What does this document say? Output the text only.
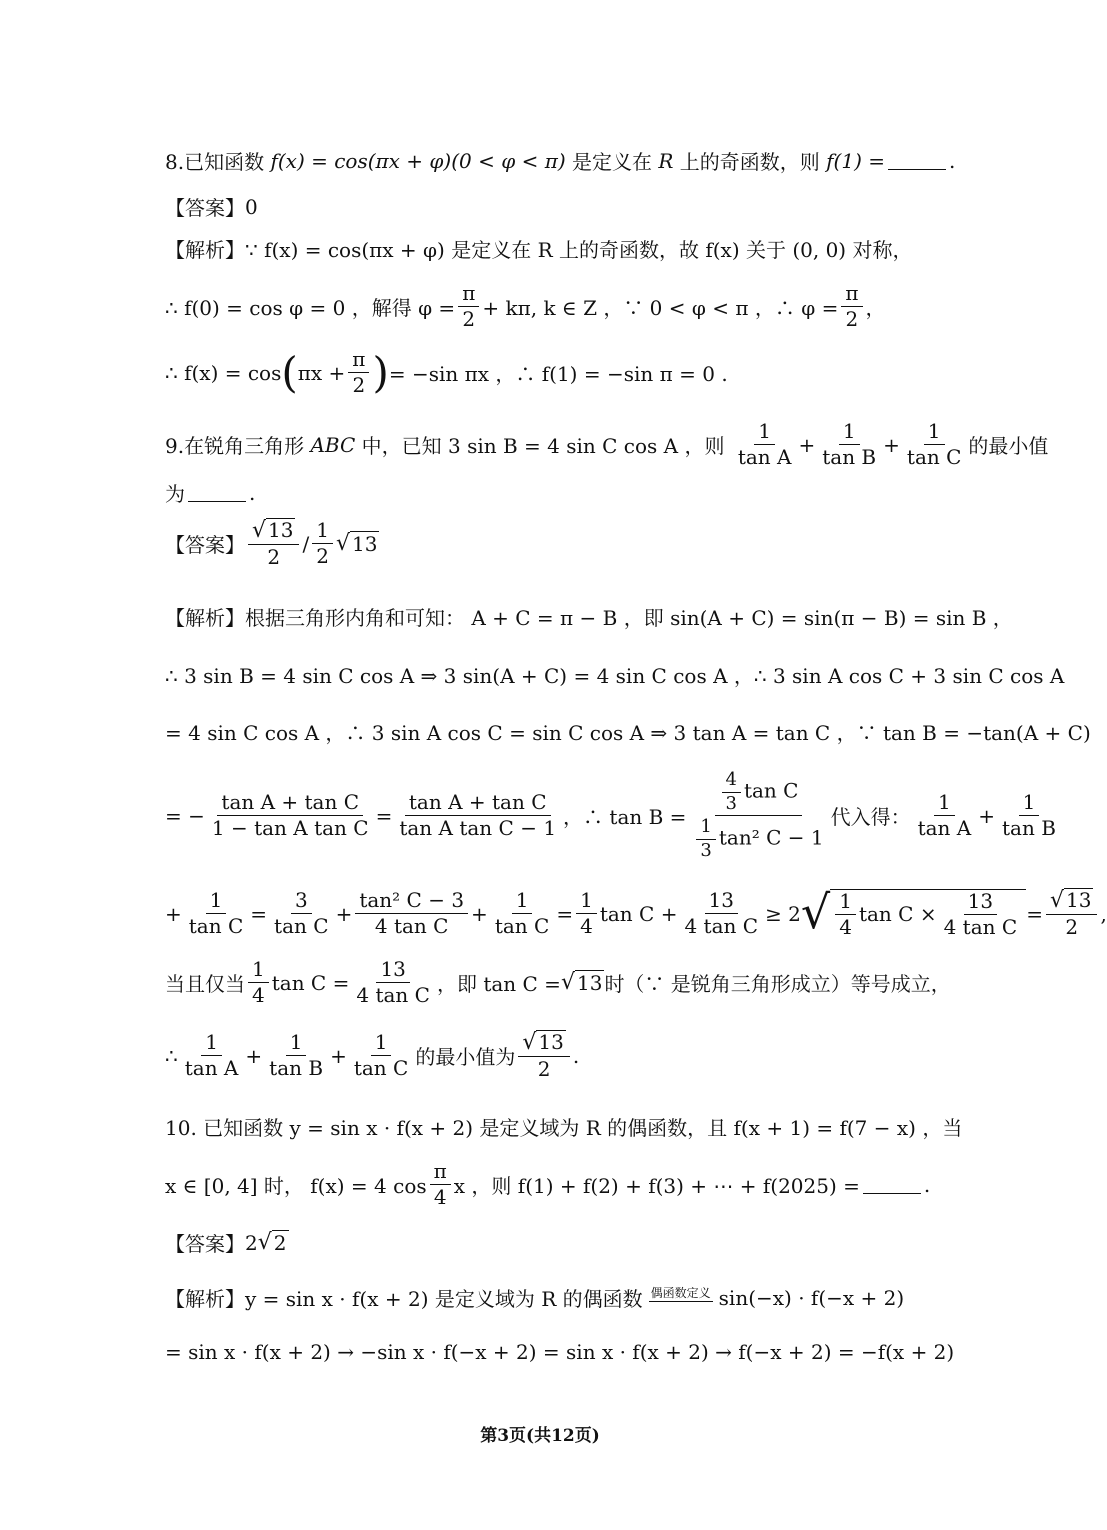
8.已知函数
f(x) = cos(πx + φ)(0 < φ < π)
是定义在
R
上的奇函数，则
f(1) =	.
【答案】 0
【解析】 ∵ f(x) = cos(πx + φ) 是定义在 R 上的奇函数，故 f(x) 关于 (0, 0) 对称，
∴ f(0) = cos φ = 0 ，解得 $\varphi = \frac{\pi}{2} + k\pi$, k ∈ Z ，∵ 0 < φ < π ，∴ $\varphi = \frac{\pi}{2}$ ，
∴ f(x) = cos ( $\pi x + \frac{\pi}{2}$ ) = −sin πx ，∴ f(1) = −sin π = 0 .
9.在锐角三角形
ABC
中，已知 3 sin B = 4 sin C cos A ，则
$\frac{1}{\text{tan A}} + \frac{1}{\text{tan B}} + \frac{1}{\text{tan C}}$ 的最小值
为	.
【答案】 $\frac{√ 13}{2} / \frac{1}{2}$ √ 13
【解析】 根据三角形内角和可知： A + C = π − B ，即 sin(A + C) = sin(π − B) = sin B ，
∴ 3 sin B = 4 sin C cos A ⇒ 3 sin(A + C) = 4 sin C cos A ，∴ 3 sin A cos C + 3 sin C cos A
= 4 sin C cos A ，∴ 3 sin A cos C = sin C cos A ⇒ 3 tan A = tan C ，∵ tan B = −tan(A + C)
= − $\frac{\text{tan A + tan C}}{\text{1 − tan A tan C}} = \frac{\text{tan A + tan C}}{\text{tan A tan C − 1}}$ ，∴ $\tan B = \frac{\frac{4}{3} \tan C}{\frac{1}{3} \tan^2 C - 1}$ 代入得： $\frac{1}{\text{tan A}} + \frac{1}{\text{tan B}}$
+ $\frac{1}{\text{tan C}} = \frac{3}{\text{tan C}} + \frac{\text{tan² C − 3}}{\text{4 tan C}} + \frac{1}{\text{tan C}} = \frac{1}{4}$ $\tan C + \frac{13}{\text{4 tan C}} \ge 2$ √ $\frac{1}{4}$ tan C
× $\frac{13}{\text{4 tan C}} = \frac{√ 13}{2}$ ,
当且仅当 $\frac{1}{4}$ $\tan C = \frac{13}{\text{4 tan C}}$ ，即 tan C = √ 13 时（∵ 是锐角三角形成立）等号成立，
∴ $\frac{1}{\text{tan A}} + \frac{1}{\text{tan B}} + \frac{1}{\text{tan C}}$ 的最小值为 $\frac{√ 13}{2}$ .
10. 已知函数 y = sin x · f(x + 2) 是定义域为 R 的偶函数，且 f(x + 1) = f(7 − x) ，当
x ∈ [0, 4] 时， f(x) = 4 $\cos \frac{\pi}{4}$ x ，则 f(1) + f(2) + f(3) + ⋯ + f(2025) =	.
【答案】 2 √ 2
【解析】 y = sin x · f(x + 2) 是定义域为 R 的偶函数 偶函数定义 sin(−x) · f(−x + 2)
= sin x · f(x + 2) → −sin x · f(−x + 2) = sin x · f(x + 2) → f(−x + 2) = −f(x + 2)
第3页(共12页)
